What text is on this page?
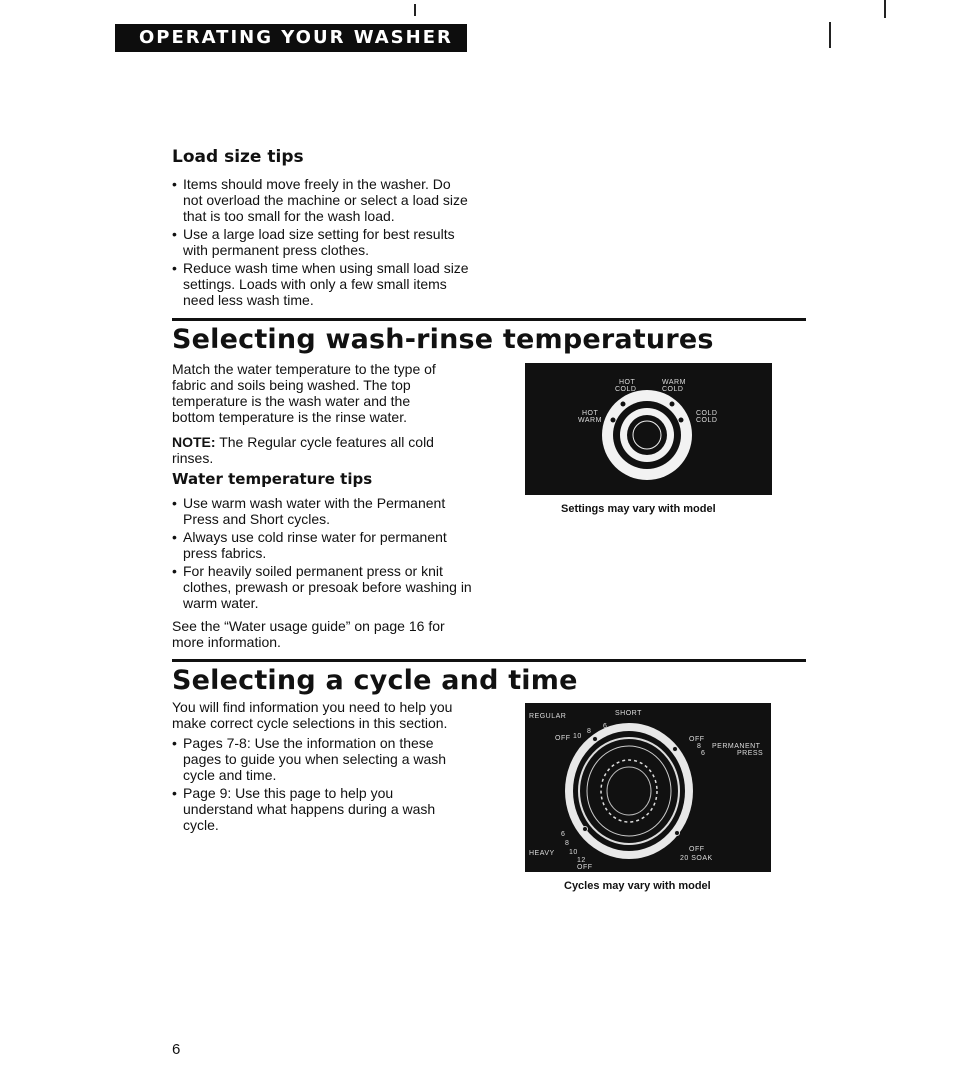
OPERATING YOUR WASHER
Load size tips
• Items should move freely in the washer. Do not overload the machine or select a load size that is too small for the wash load.
• Use a large load size setting for best results with permanent press clothes.
• Reduce wash time when using small load size settings. Loads with only a few small items need less wash time.
Selecting wash-rinse temperatures

Match the water temperature to the type of fabric and soils being washed. The top temperature is the wash water and the bottom temperature is the rinse water.

NOTE: The Regular cycle features all cold rinses.

Water temperature tips
• Use warm wash water with the Permanent Press and Short cycles.
• Always use cold rinse water for permanent press fabrics.
• For heavily soiled permanent press or knit clothes, prewash or presoak before washing in warm water.

See the “Water usage guide” on page 16 for more information.

HOT
COLD
WARM
COLD
HOT
WARM
COLD
COLD
Settings may vary with model
Selecting a cycle and time

You will find information you need to help you make correct cycle selections in this section.

• Pages 7-8: Use the information on these pages to guide you when selecting a wash cycle and time.
• Page 9: Use this page to help you understand what happens during a wash cycle.
REGULAR	SHORT
6
8
10
OFF	OFF
8
6
PERMANENT
PRESS
6
8
HEAVY 10
12
OFF
OFF
20 SOAK
Cycles may vary with model
6
